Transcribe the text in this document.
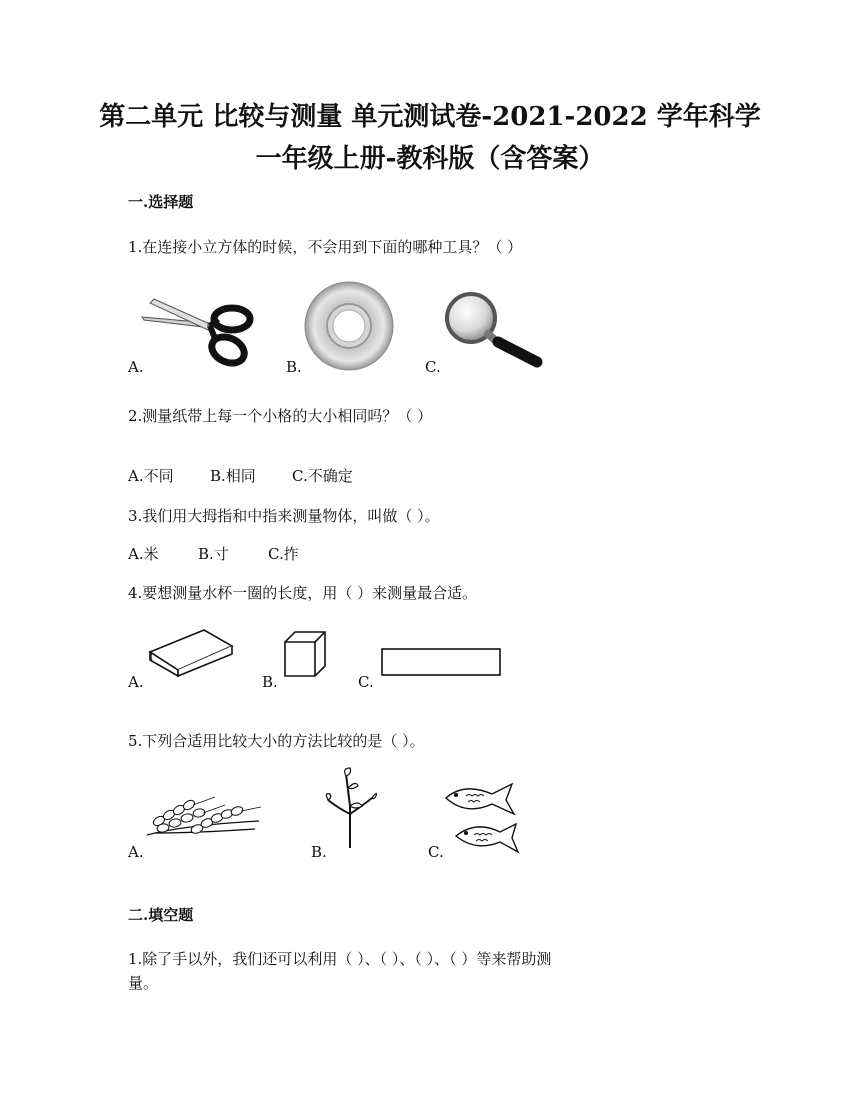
第二单元 比较与测量 单元测试卷-2021-2022 学年科学
一年级上册-教科版（含答案）
一.选择题
1.在连接小立方体的时候，不会用到下面的哪种工具？（ ）
A.	B.	C.
2.测量纸带上每一个小格的大小相同吗？（ ）
A.不同 B.相同 C.不确定
3.我们用大拇指和中指来测量物体，叫做（ ）。
A.米	B.寸	C.拃
4.要想测量水杯一圈的长度，用（ ）来测量最合适。
A.	B.	C.
5.下列合适用比较大小的方法比较的是（ ）。
A.	B.	C.
二.填空题
1.除了手以外，我们还可以利用（ ）、（ ）、（ ）、（ ）等来帮助测
量。
